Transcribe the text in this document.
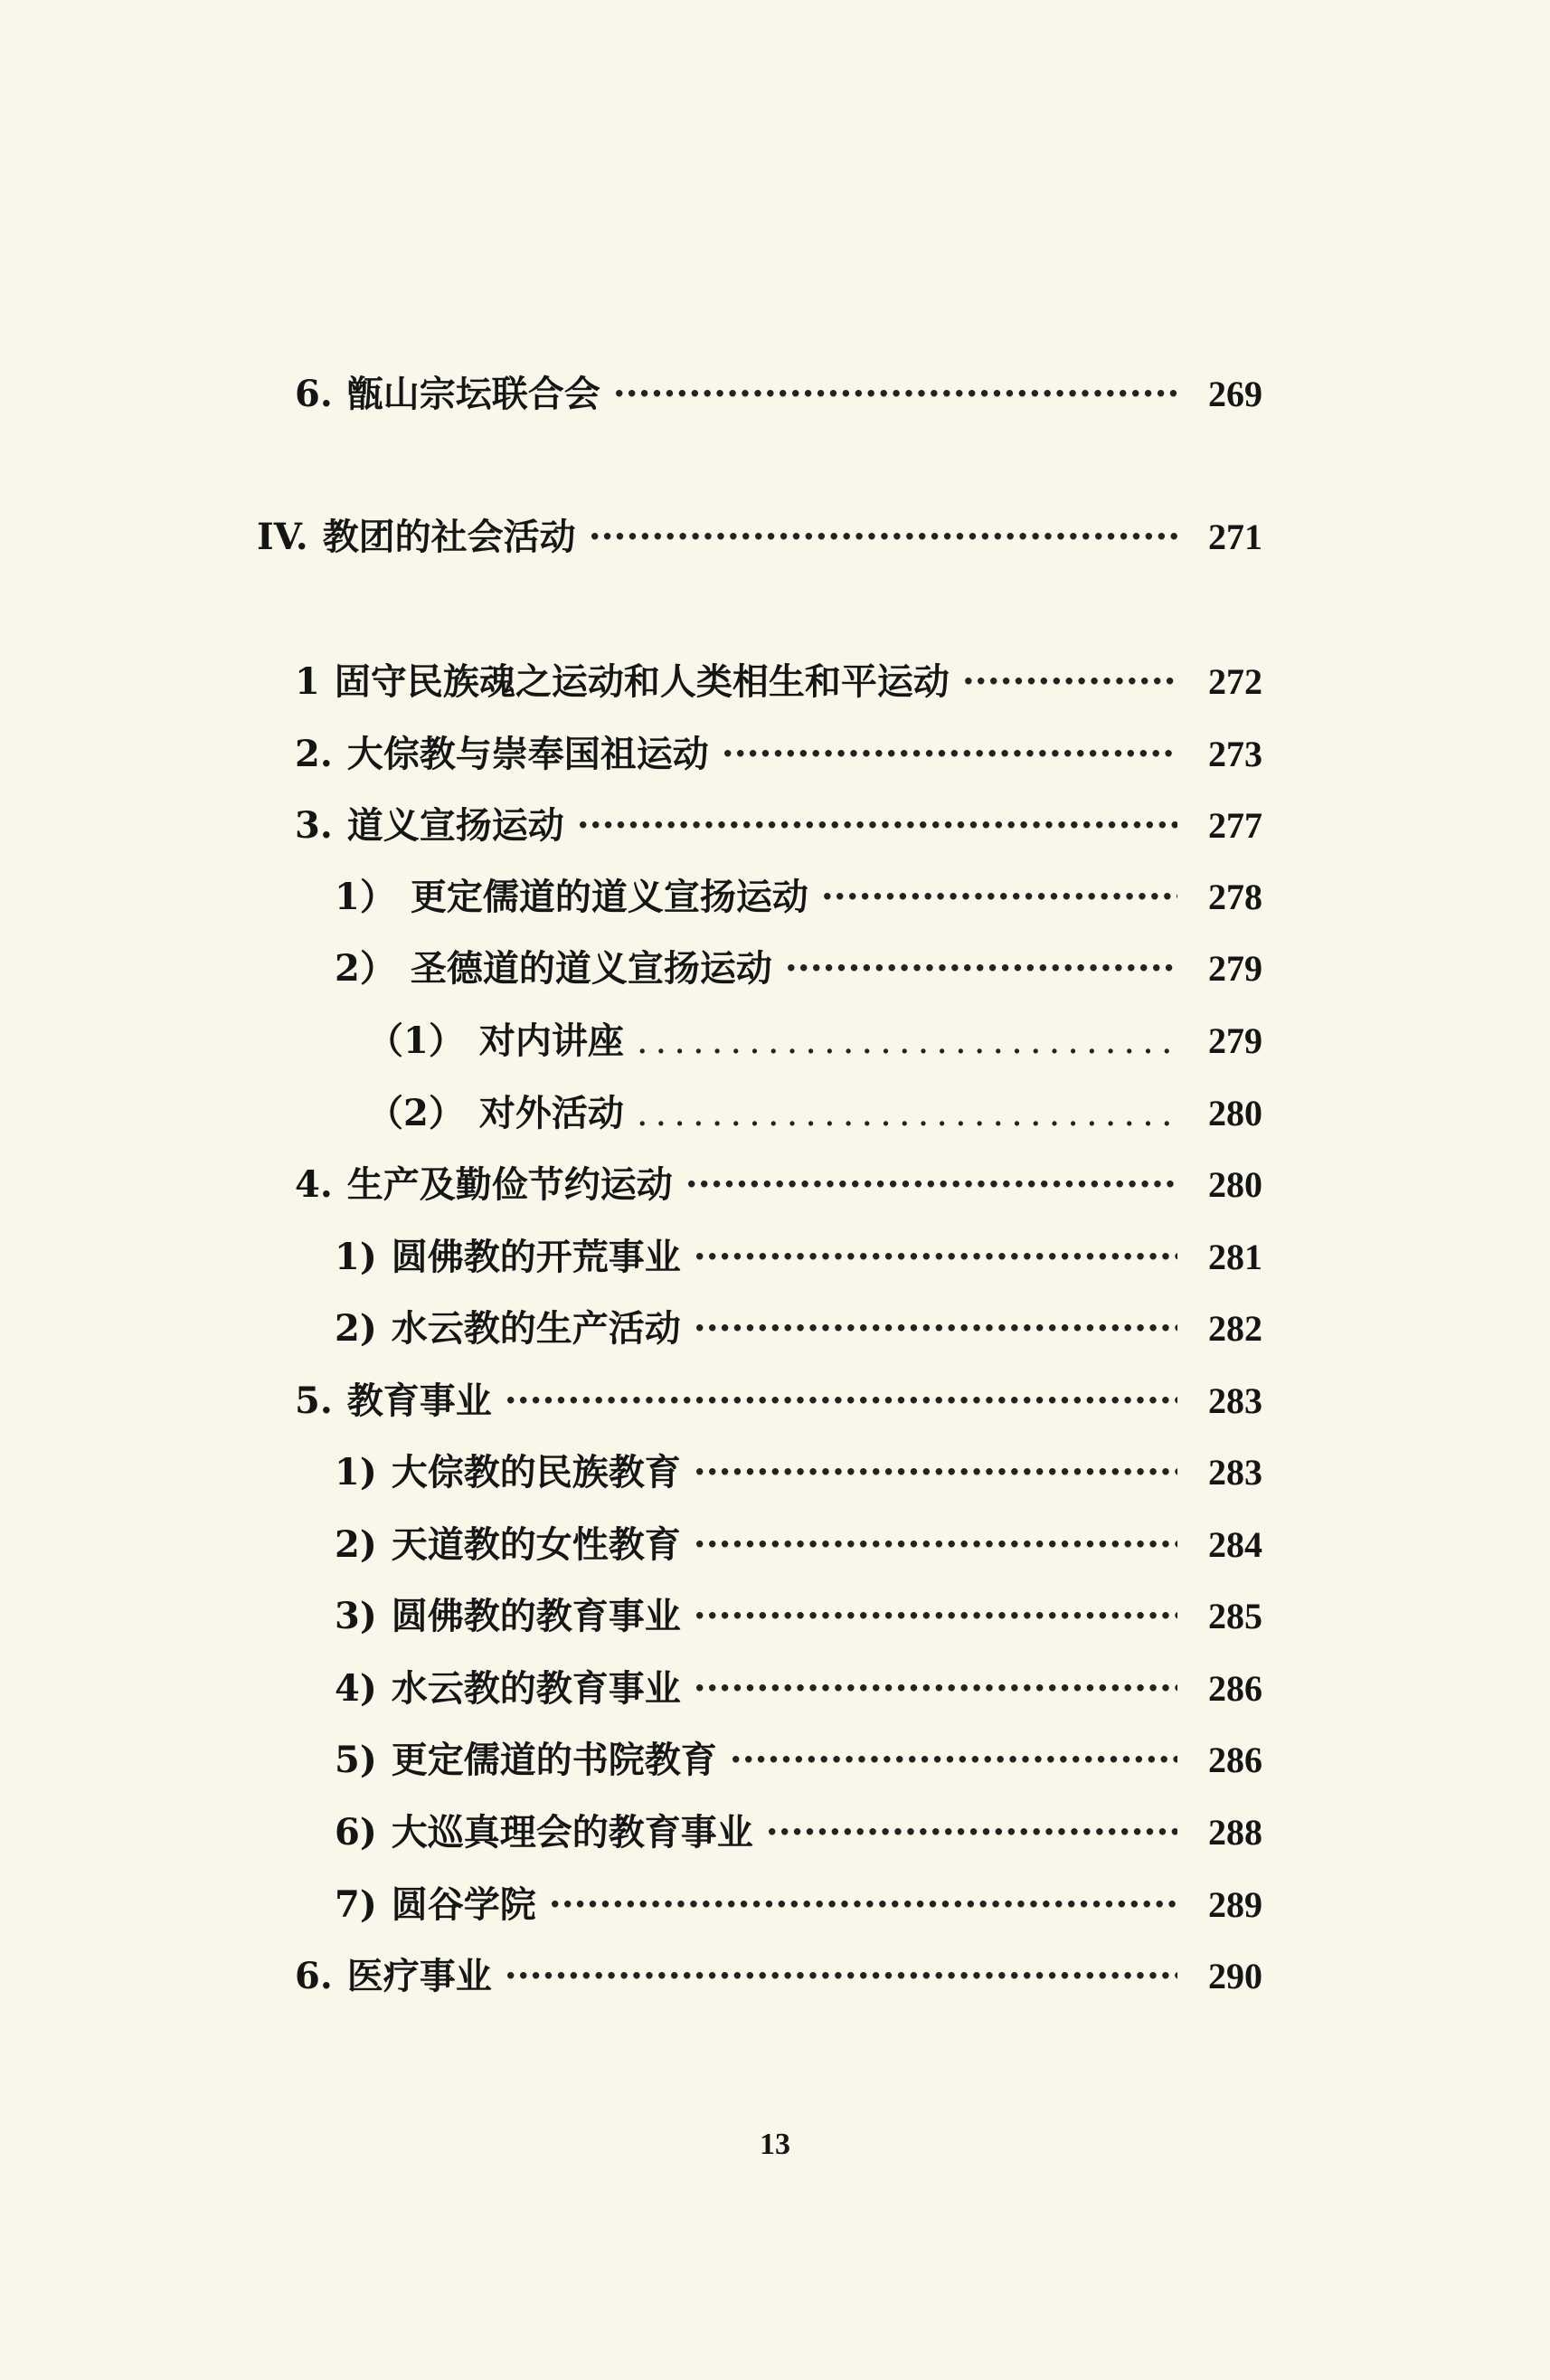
6. 甑山宗坛联合会 ·····	269
IV. 教团的社会活动 ·····	271
1 固守民族魂之运动和人类相生和平运动 ·····	272
2. 大倧教与崇奉国祖运动 ·····	273
3. 道义宣扬运动 ·····	277
1） 更定儒道的道义宣扬运动 ·····	278
2） 圣德道的道义宣扬运动 ·····	279
（1） 对内讲座 .....	279
（2） 对外活动 .....	280
4. 生产及勤俭节约运动 ·····	280
1) 圆佛教的开荒事业 ·····	281
2) 水云教的生产活动 ·····	282
5. 教育事业 ·····	283
1) 大倧教的民族教育 ·····	283
2) 天道教的女性教育 ·····	284
3) 圆佛教的教育事业 ·····	285
4) 水云教的教育事业 ·····	286
5) 更定儒道的书院教育 ·····	286
6) 大巡真理会的教育事业 ·····	288
7) 圆谷学院 ·····	289
6. 医疗事业 ·····	290
13
